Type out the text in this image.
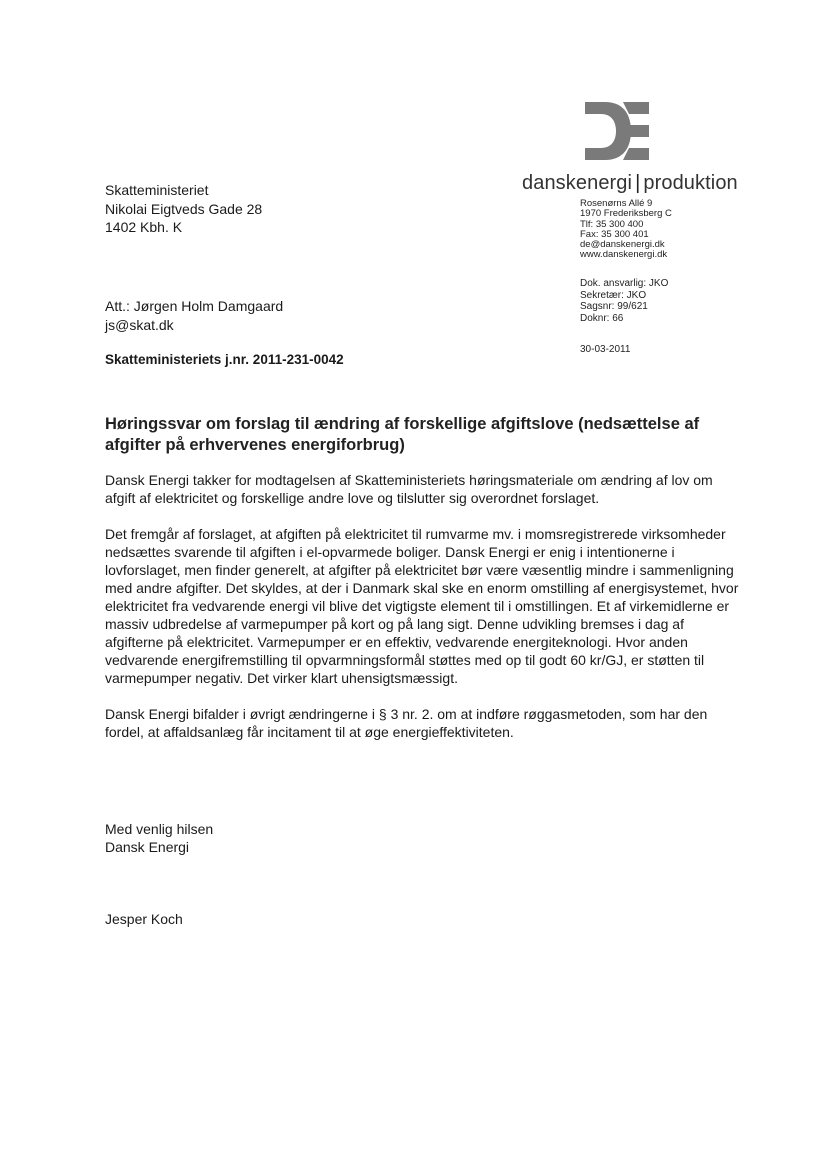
danskenergi | produktion
Rosenørns Allé 9
1970 Frederiksberg C
Tlf: 35 300 400
Fax: 35 300 401
de@danskenergi.dk
www.danskenergi.dk
Dok. ansvarlig: JKO
Sekretær: JKO
Sagsnr: 99/621
Doknr: 66
30-03-2011
Skatteministeriet
Nikolai Eigtveds Gade 28
1402 Kbh. K
Att.: Jørgen Holm Damgaard
js@skat.dk
Skatteministeriets j.nr. 2011-231-0042
Høringssvar om forslag til ændring af forskellige afgiftslove (nedsættelse af afgifter på erhvervenes energiforbrug)

Dansk Energi takker for modtagelsen af Skatteministeriets høringsmateriale om ændring af lov om afgift af elektricitet og forskellige andre love og tilslutter sig overordnet forslaget.

Det fremgår af forslaget, at afgiften på elektricitet til rumvarme mv. i momsregistrerede virksomheder nedsættes svarende til afgiften i el-opvarmede boliger. Dansk Energi er enig i intentionerne i lovforslaget, men finder generelt, at afgifter på elektricitet bør være væsentlig mindre i sammenligning med andre afgifter. Det skyldes, at der i Danmark skal ske en enorm omstilling af energisystemet, hvor elektricitet fra vedvarende energi vil blive det vigtigste element til i omstillingen. Et af virkemidlerne er massiv udbredelse af varmepumper på kort og på lang sigt. Denne udvikling bremses i dag af afgifterne på elektricitet. Varmepumper er en effektiv, vedvarende energiteknologi. Hvor anden vedvarende energifremstilling til opvarmningsformål støttes med op til godt 60 kr/GJ, er støtten til varmepumper negativ. Det virker klart uhensigtsmæssigt.

Dansk Energi bifalder i øvrigt ændringerne i § 3 nr. 2. om at indføre røggasmetoden, som har den fordel, at affaldsanlæg får incitament til at øge energieffektiviteten.

Med venlig hilsen
Dansk Energi
Jesper Koch
